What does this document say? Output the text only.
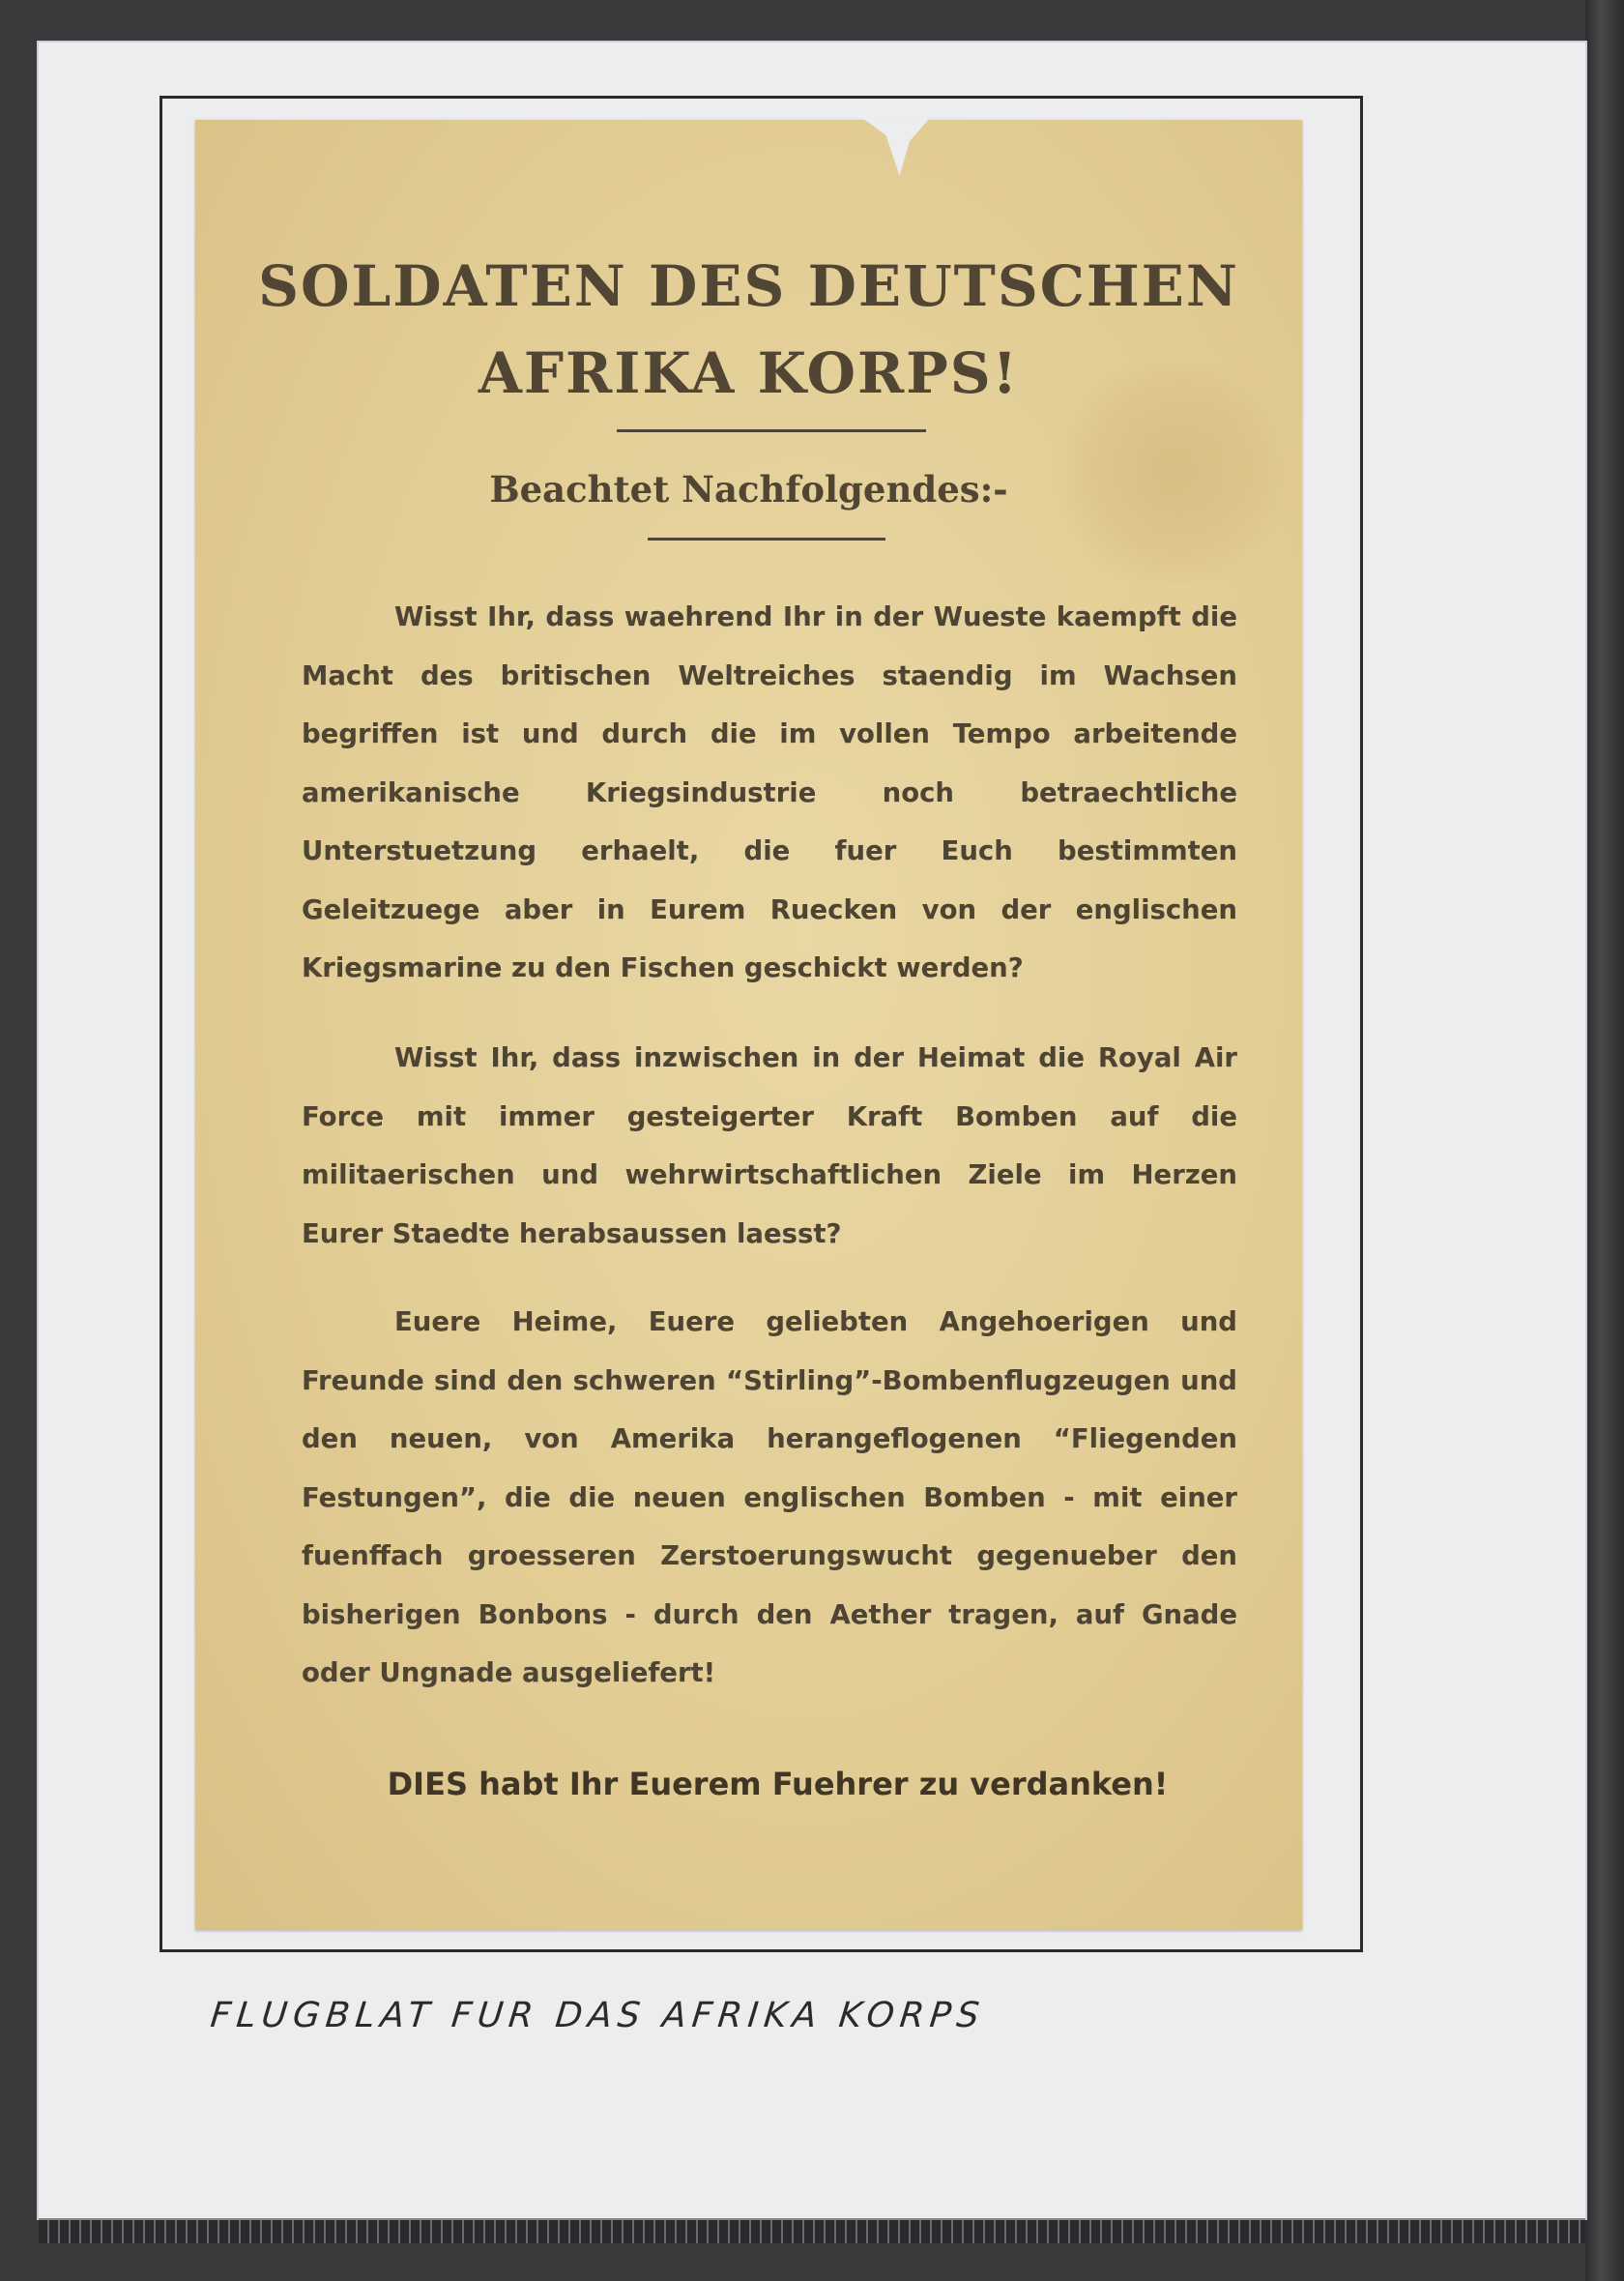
SOLDATEN DES DEUTSCHEN
AFRIKA KORPS!
Beachtet Nachfolgendes:-
Wisst Ihr, dass waehrend Ihr in der Wueste kaempft die Macht des britischen Weltreiches staendig im Wachsen begriffen ist und durch die im vollen Tempo arbeitende amerikanische Kriegsindustrie noch betraechtliche Unterstuetzung erhaelt, die fuer Euch bestimmten Geleitzuege aber in Eurem Ruecken von der englischen Kriegsmarine zu den Fischen geschickt werden?
Wisst Ihr, dass inzwischen in der Heimat die Royal Air Force mit immer gesteigerter Kraft Bomben auf die militaerischen und wehrwirtschaftlichen Ziele im Herzen Eurer Staedte herabsaussen laesst?
Euere Heime, Euere geliebten Angehoerigen und Freunde sind den schweren “Stirling”-Bombenflugzeugen und den neuen, von Amerika herangeflogenen “Fliegenden Festungen”, die die neuen englischen Bomben - mit einer fuenffach groesseren Zerstoerungswucht gegenueber den bisherigen Bonbons - durch den Aether tragen, auf Gnade oder Ungnade ausgeliefert!
DIES habt Ihr Euerem Fuehrer zu verdanken!
FLUGBLAT FUR DAS AFRIKA KORPS
